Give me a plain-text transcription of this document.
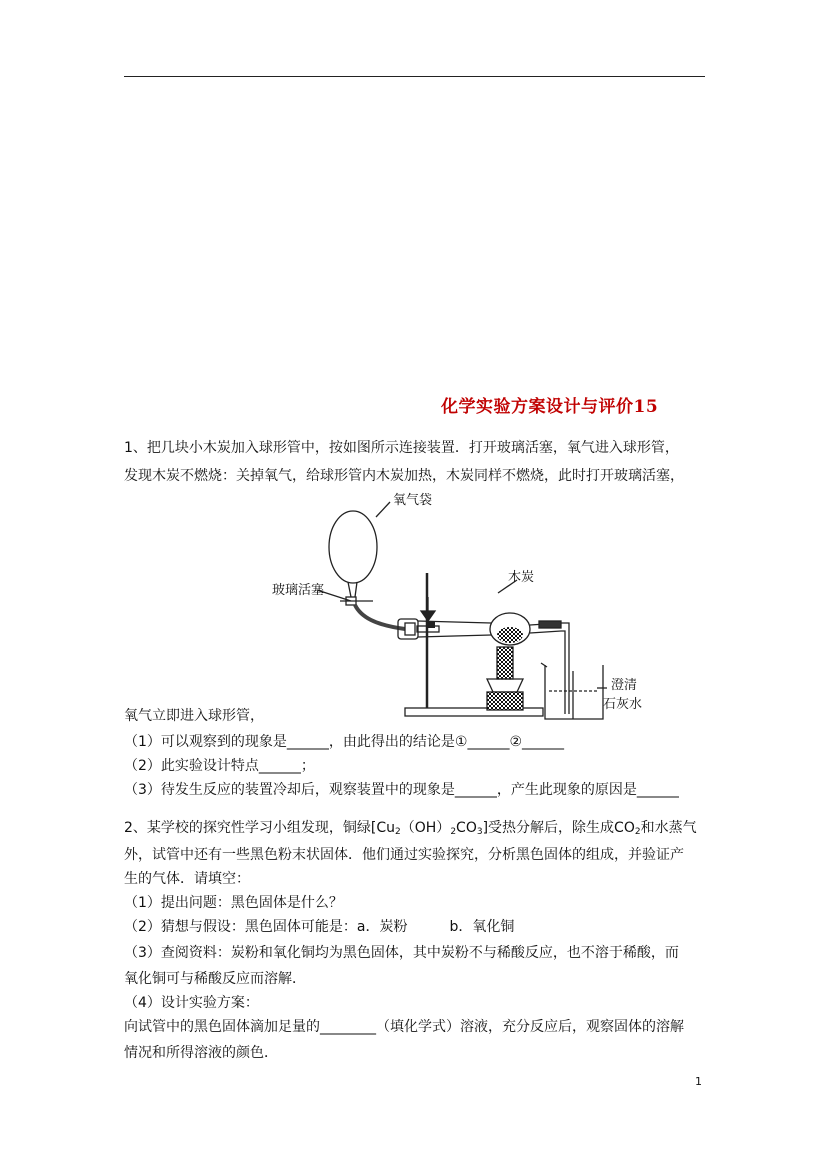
化学实验方案设计与评价15
1、把几块小木炭加入球形管中，按如图所示连接装置．打开玻璃活塞，氧气进入球形管，
发现木炭不燃烧：关掉氧气，给球形管内木炭加热，木炭同样不燃烧，此时打开玻璃活塞，
氧气袋
玻璃活塞
木炭
澄清
石灰水
氧气立即进入球形管，
（1）可以观察到的现象是______，由此得出的结论是①______②______
（2）此实验设计特点______；
（3）待发生反应的装置冷却后，观察装置中的现象是______，产生此现象的原因是______
2、某学校的探究性学习小组发现，铜绿$[Cu_2(OH)_2CO_3]$受热分解后，除生成$CO_2$和水蒸气
外，试管中还有一些黑色粉末状固体．他们通过实验探究，分析黑色固体的组成，并验证产
生的气体．请填空：
（1）提出问题：黑色固体是什么？
（2）猜想与假设：黑色固体可能是：a．炭粉　　　b．氧化铜
（3）查阅资料：炭粉和氧化铜均为黑色固体，其中炭粉不与稀酸反应，也不溶于稀酸，而
氧化铜可与稀酸反应而溶解．
（4）设计实验方案：
向试管中的黑色固体滴加足量的________（填化学式）溶液，充分反应后，观察固体的溶解
情况和所得溶液的颜色．
1
